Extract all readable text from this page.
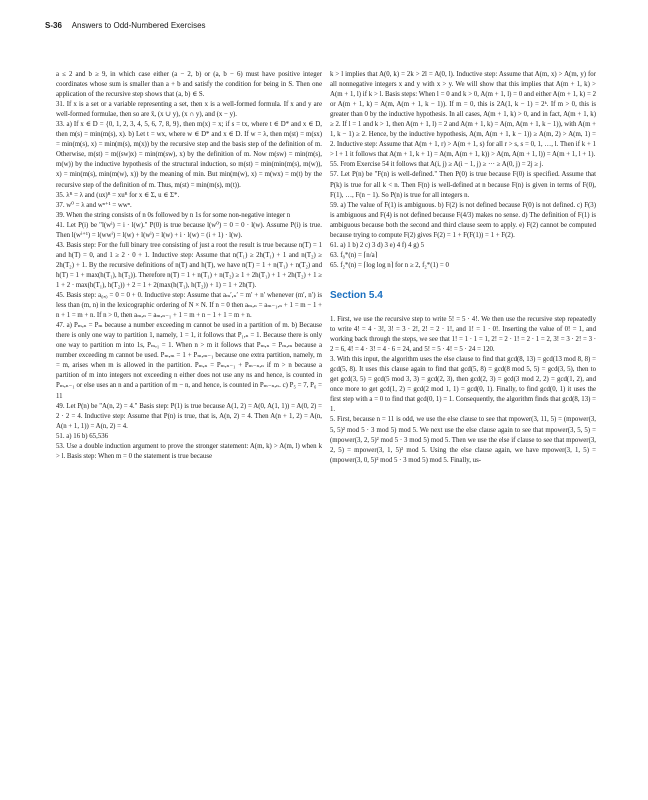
S-36 Answers to Odd-Numbered Exercises

a ≤ 2 and b ≥ 9, in which case either (a − 2, b) or (a, b − 6) must have positive integer coordinates whose sum is smaller than a + b and satisfy the condition for being in S. Then one application of the recursive step shows that (a, b) ∈ S.

31. If x is a set or a variable representing a set, then x is a well-formed formula. If x and y are well-formed formulae, then so are x̄, (x ∪ y), (x ∩ y), and (x − y).

33. a) If x ∈ D = {0, 1, 2, 3, 4, 5, 6, 7, 8, 9}, then m(x) = x; if s = tx, where t ∈ D* and x ∈ D, then m(s) = min(m(s), x). b) Let t = wx, where w ∈ D* and x ∈ D. If w = λ, then m(st) = m(sx) = min(m(s), x) = min(m(s), m(x)) by the recursive step and the basis step of the definition of m. Otherwise, m(st) = m((sw)x) = min(m(sw), x) by the definition of m. Now m(sw) = min(m(s), m(w)) by the inductive hypothesis of the structural induction, so m(st) = min(min(m(s), m(w)), x) = min(m(s), min(m(w), x)) by the meaning of min. But min(m(w), x) = m(wx) = m(t) by the recursive step of the definition of m. Thus, m(st) = min(m(s), m(t)).

35. λᴿ = λ and (ux)ᴿ = xuᴿ for x ∈ Σ, u ∈ Σ*.

37. w⁰ = λ and wⁿ⁺¹ = wwⁿ.

39. When the string consists of n 0s followed by n 1s for some non-negative integer n

41. Let P(i) be "l(wⁱ) = i · l(w)." P(0) is true because l(w⁰) = 0 = 0 · l(w). Assume P(i) is true. Then l(wⁱ⁺¹) = l(wwⁱ) = l(w) + l(wⁱ) = l(w) + i · l(w) = (i + 1) · l(w).

43. Basis step: For the full binary tree consisting of just a root the result is true because n(T) = 1 and h(T) = 0, and 1 ≥ 2 · 0 + 1. Inductive step: Assume that n(T₁) ≥ 2h(T₁) + 1 and n(T₂) ≥ 2h(T₂) + 1. By the recursive definitions of n(T) and h(T), we have n(T) = 1 + n(T₁) + n(T₂) and h(T) = 1 + max(h(T₁), h(T₂)). Therefore n(T) = 1 + n(T₁) + n(T₂) ≥ 1 + 2h(T₁) + 1 + 2h(T₂) + 1 ≥ 1 + 2 · max(h(T₁), h(T₂)) + 2 = 1 + 2(max(h(T₁), h(T₂)) + 1) = 1 + 2h(T).

45. Basis step: a₀,₀ = 0 = 0 + 0. Inductive step: Assume that aₘ′,ₙ′ = m′ + n′ whenever (m′, n′) is less than (m, n) in the lexicographic ordering of N × N. If n = 0 then aₘ,ₙ = aₘ₋₁,ₙ + 1 = m − 1 + n + 1 = m + n. If n > 0, then aₘ,ₙ = aₘ,ₙ₋₁ + 1 = m + n − 1 + 1 = m + n.

47. a) Pₘ,ₙ = Pₘ because a number exceeding m cannot be used in a partition of m. b) Because there is only one way to partition 1, namely, 1 = 1, it follows that P₁,ₙ = 1. Because there is only one way to partition m into 1s, Pₘ,₁ = 1. When n > m it follows that Pₘ,ₙ = Pₘ,ₘ because a number exceeding m cannot be used. Pₘ,ₘ = 1 + Pₘ,ₘ₋₁ because one extra partition, namely, m = m, arises when m is allowed in the partition. Pₘ,ₙ = Pₘ,ₙ₋₁ + Pₘ₋ₙ,ₙ if m > n because a partition of m into integers not exceeding n either does not use any ns and hence, is counted in Pₘ,ₙ₋₁ or else uses an n and a partition of m − n, and hence, is counted in Pₘ₋ₙ,ₙ. c) P₅ = 7, P₆ = 11

49. Let P(n) be "A(n, 2) = 4." Basis step: P(1) is true because A(1, 2) = A(0, A(1, 1)) = A(0, 2) = 2 · 2 = 4. Inductive step: Assume that P(n) is true, that is, A(n, 2) = 4. Then A(n + 1, 2) = A(n, A(n + 1, 1)) = A(n, 2) = 4.

51. a) 16 b) 65,536

53. Use a double induction argument to prove the stronger statement: A(m, k) > A(m, l) when k > l. Basis step: When m = 0 the statement is true because

k > l implies that A(0, k) = 2k > 2l = A(0, l). Inductive step: Assume that A(m, x) > A(m, y) for all nonnegative integers x and y with x > y. We will show that this implies that A(m + 1, k) > A(m + 1, l) if k > l. Basis steps: When l = 0 and k > 0, A(m + 1, l) = 0 and either A(m + 1, k) = 2 or A(m + 1, k) = A(m, A(m + 1, k − 1)). If m = 0, this is 2A(1, k − 1) = 2ᵏ. If m > 0, this is greater than 0 by the inductive hypothesis. In all cases, A(m + 1, k) > 0, and in fact, A(m + 1, k) ≥ 2. If l = 1 and k > 1, then A(m + 1, l) = 2 and A(m + 1, k) = A(m, A(m + 1, k − 1)), with A(m + 1, k − 1) ≥ 2. Hence, by the inductive hypothesis, A(m, A(m + 1, k − 1)) ≥ A(m, 2) > A(m, 1) = 2. Inductive step: Assume that A(m + 1, r) > A(m + 1, s) for all r > s, s = 0, 1, …, l. Then if k + 1 > l + 1 it follows that A(m + 1, k + 1) = A(m, A(m + 1, k)) > A(m, A(m + 1, l)) = A(m + 1, l + 1).

55. From Exercise 54 it follows that A(i, j) ≥ A(i − 1, j) ≥ ··· ≥ A(0, j) = 2j ≥ j.

57. Let P(n) be "F(n) is well-defined." Then P(0) is true because F(0) is specified. Assume that P(k) is true for all k < n. Then F(n) is well-defined at n because F(n) is given in terms of F(0), F(1), …, F(n − 1). So P(n) is true for all integers n.

59. a) The value of F(1) is ambiguous. b) F(2) is not defined because F(0) is not defined. c) F(3) is ambiguous and F(4) is not defined because F(4/3) makes no sense. d) The definition of F(1) is ambiguous because both the second and third clause seem to apply. e) F(2) cannot be computed because trying to compute F(2) gives F(2) = 1 + F(F(1)) = 1 + F(2).

61. a) 1 b) 2 c) 3 d) 3 e) 4 f) 4 g) 5

63. f₀*(n) = ⌈n/a⌉

65. f₂*(n) = ⌈log log n⌉ for n ≥ 2, f₂*(1) = 0

Section 5.4

1. First, we use the recursive step to write 5! = 5 · 4!. We then use the recursive step repeatedly to write 4! = 4 · 3!, 3! = 3 · 2!, 2! = 2 · 1!, and 1! = 1 · 0!. Inserting the value of 0! = 1, and working back through the steps, we see that 1! = 1 · 1 = 1, 2! = 2 · 1! = 2 · 1 = 2, 3! = 3 · 2! = 3 · 2 = 6, 4! = 4 · 3! = 4 · 6 = 24, and 5! = 5 · 4! = 5 · 24 = 120.

3. With this input, the algorithm uses the else clause to find that gcd(8, 13) = gcd(13 mod 8, 8) = gcd(5, 8). It uses this clause again to find that gcd(5, 8) = gcd(8 mod 5, 5) = gcd(3, 5), then to get gcd(3, 5) = gcd(5 mod 3, 3) = gcd(2, 3), then gcd(2, 3) = gcd(3 mod 2, 2) = gcd(1, 2), and once more to get gcd(1, 2) = gcd(2 mod 1, 1) = gcd(0, 1). Finally, to find gcd(0, 1) it uses the first step with a = 0 to find that gcd(0, 1) = 1. Consequently, the algorithm finds that gcd(8, 13) = 1.

5. First, because n = 11 is odd, we use the else clause to see that mpower(3, 11, 5) = (mpower(3, 5, 5)² mod 5 · 3 mod 5) mod 5. We next use the else clause again to see that mpower(3, 5, 5) = (mpower(3, 2, 5)² mod 5 · 3 mod 5) mod 5. Then we use the else if clause to see that mpower(3, 2, 5) = mpower(3, 1, 5)² mod 5. Using the else clause again, we have mpower(3, 1, 5) = (mpower(3, 0, 5)² mod 5 · 3 mod 5) mod 5. Finally, us-
